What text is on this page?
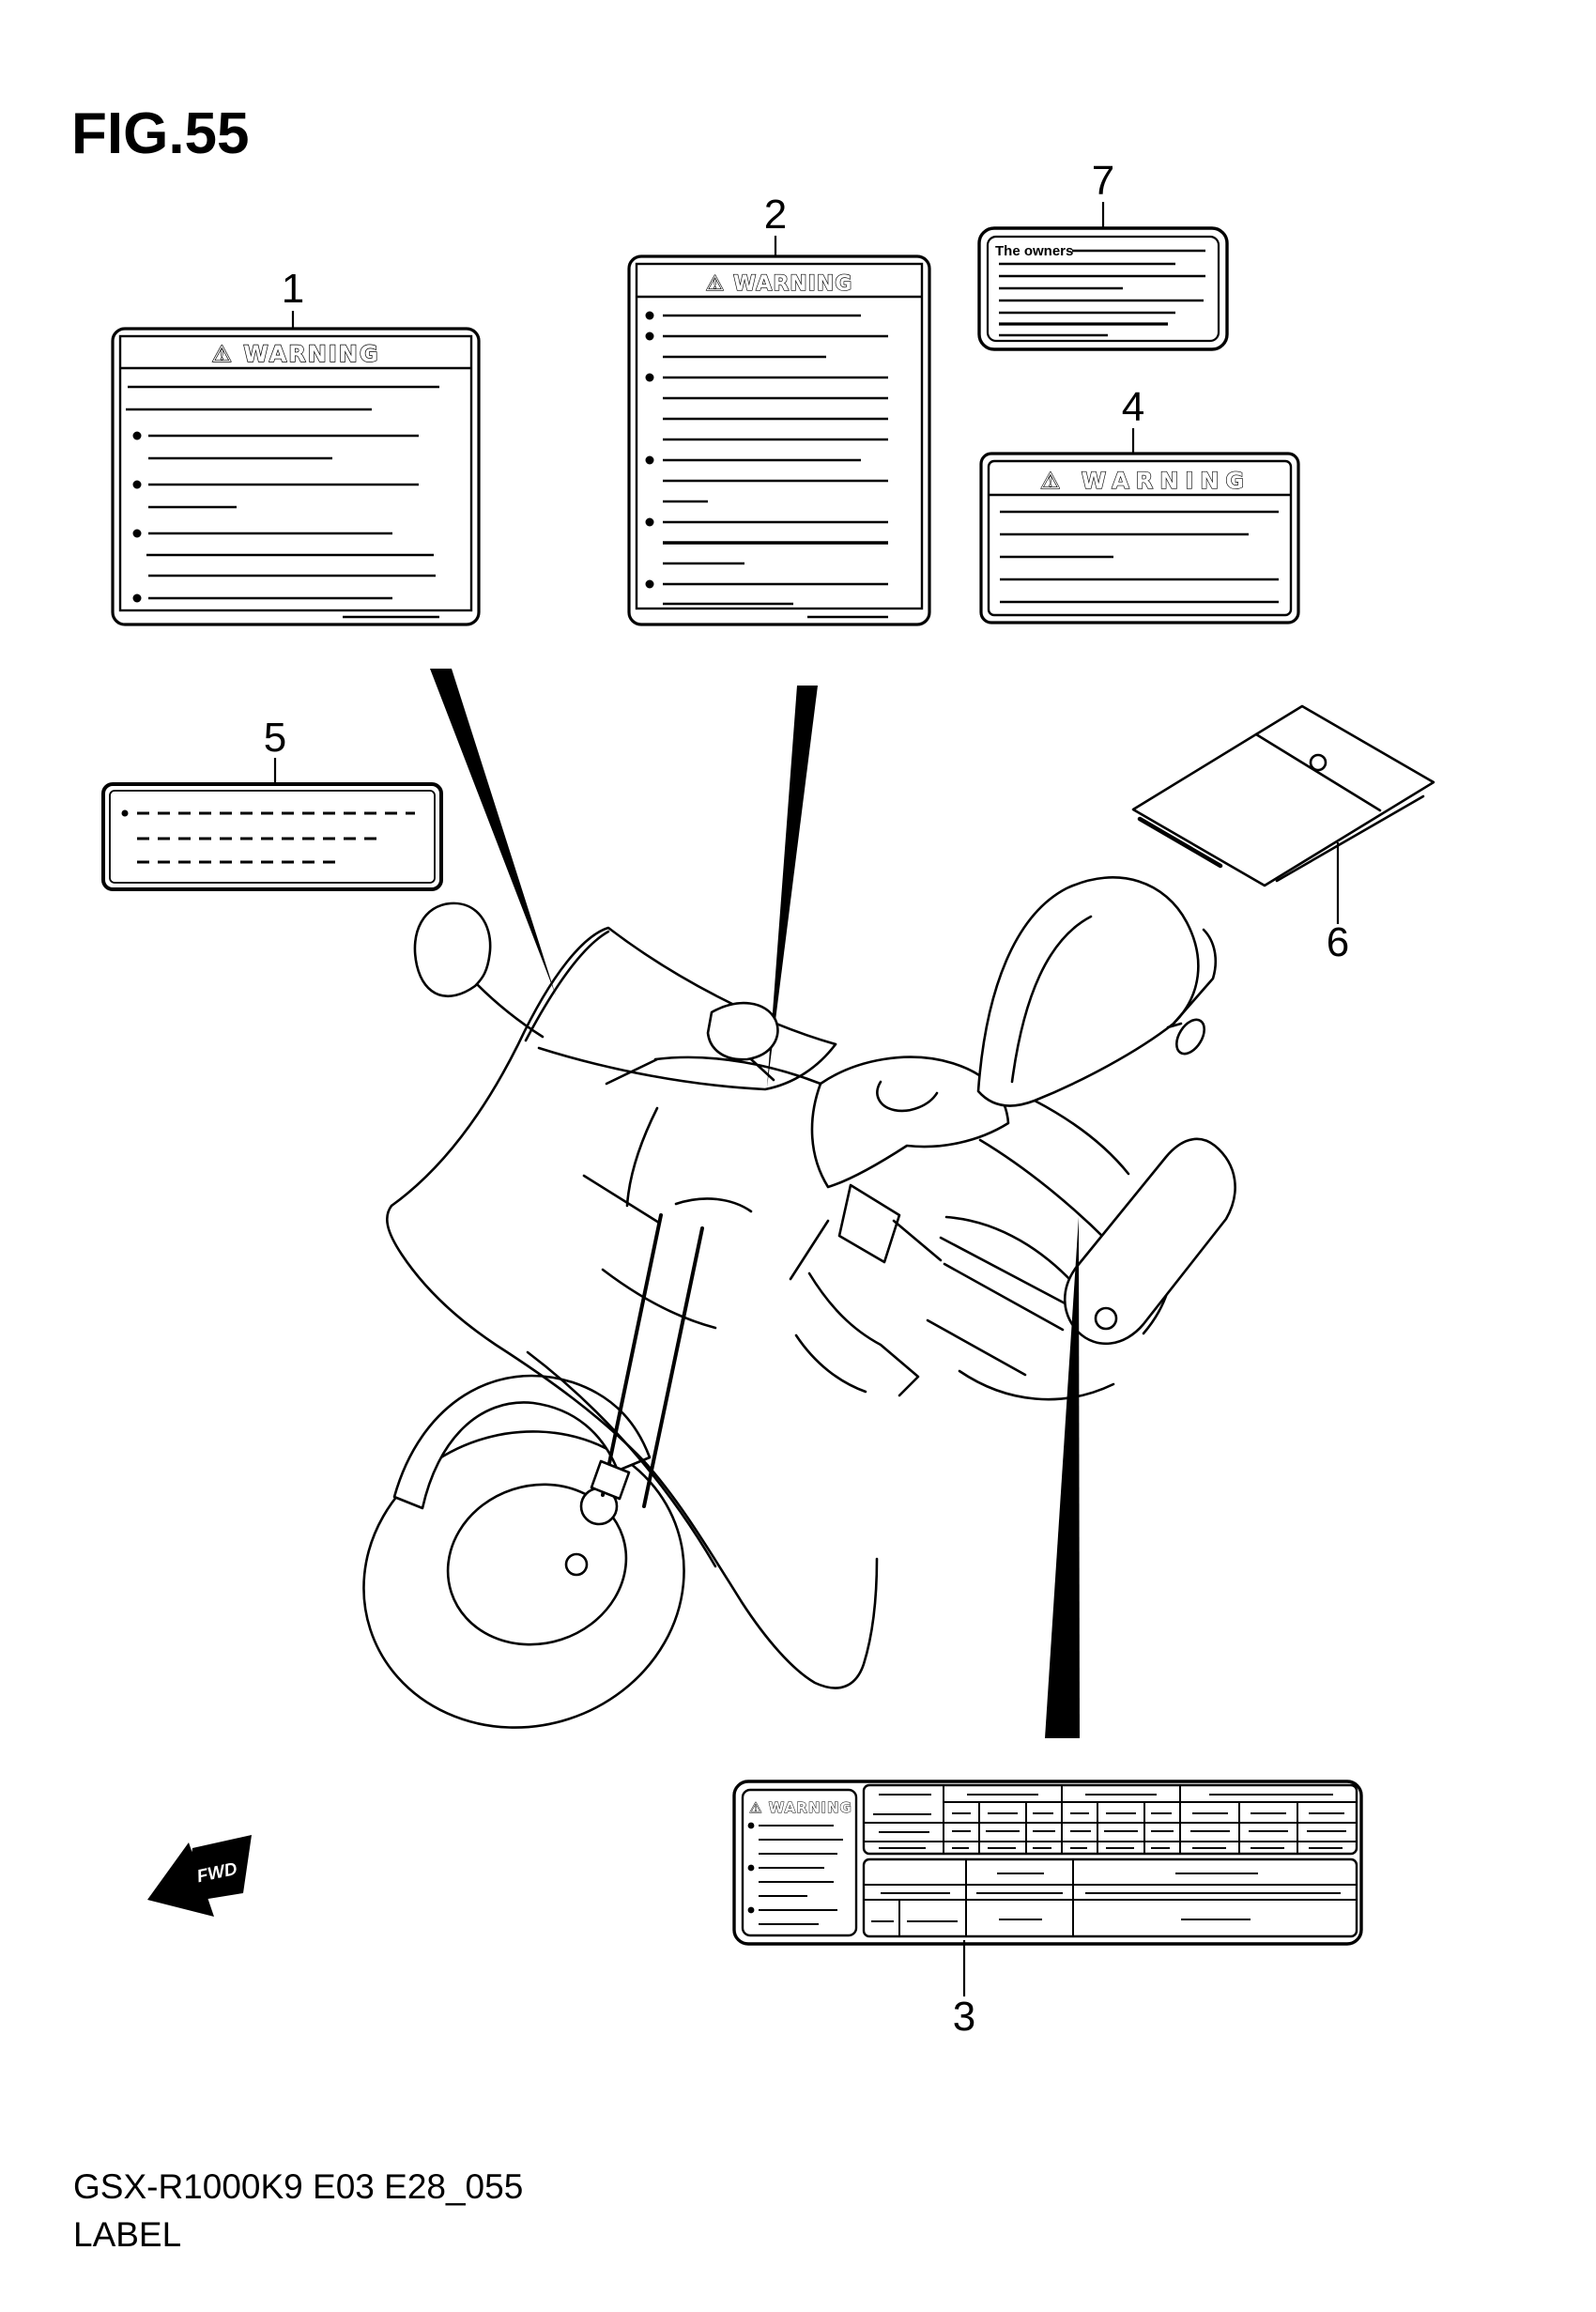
FIG.55
1
⚠ WARNING
2
⚠ WARNING
7
The owners
4
⚠ WARNING
5
6
⚠ WARNING
3
FWD
GSX-R1000K9 E03 E28_055
LABEL
